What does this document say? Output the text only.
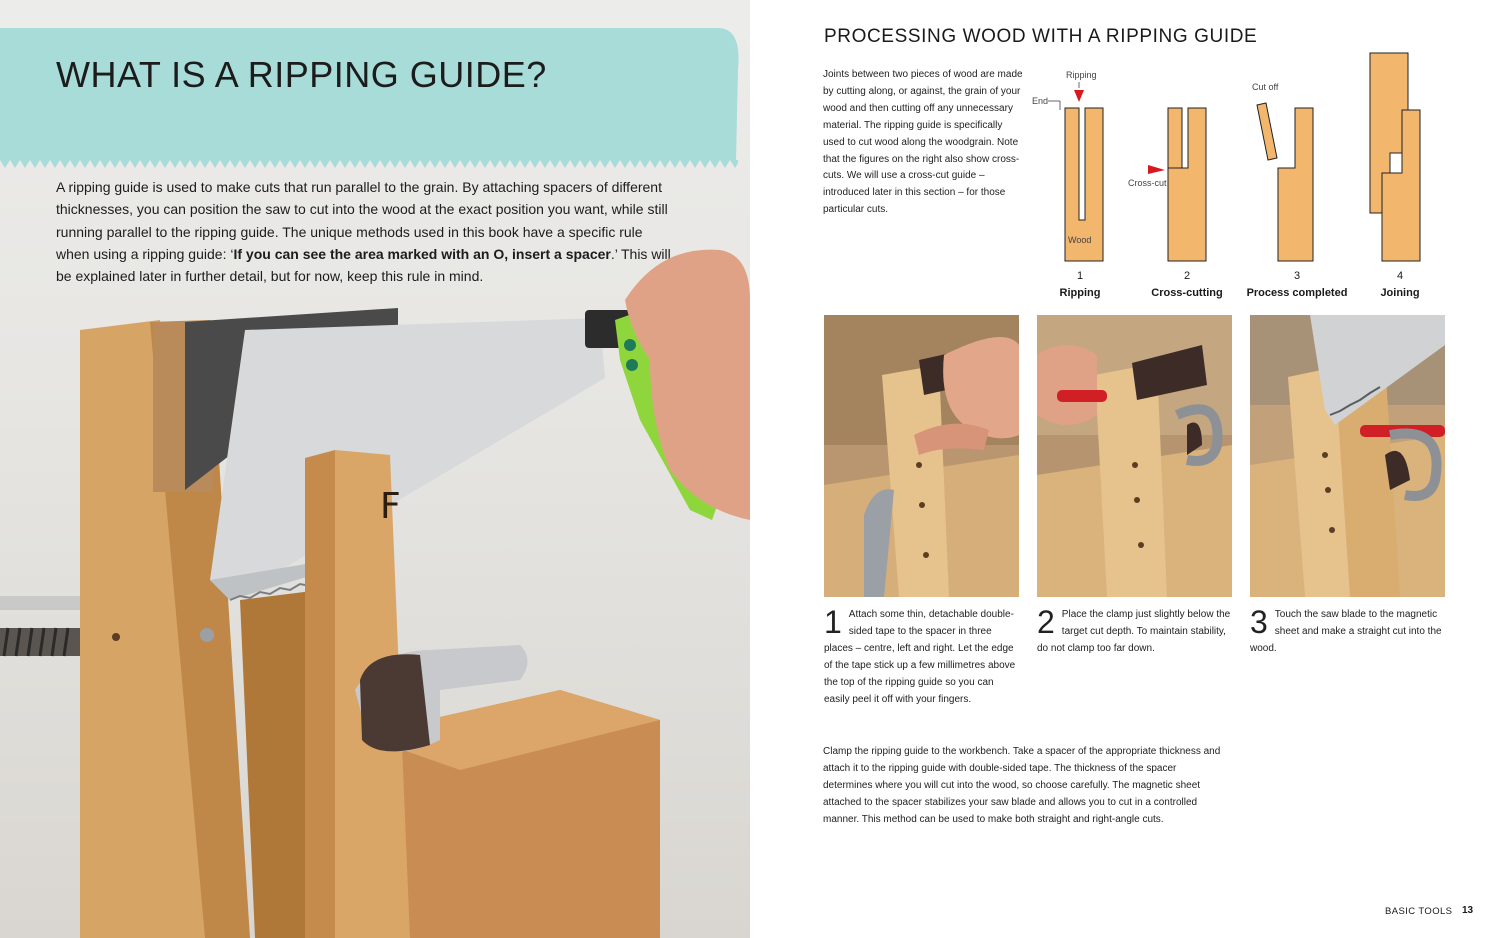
WHAT IS A RIPPING GUIDE?

A ripping guide is used to make cuts that run parallel to the grain. By attaching spacers of different thicknesses, you can position the saw to cut into the wood at the exact position you want, while still running parallel to the ripping guide. The unique methods used in this book have a specific rule when using a ripping guide: ‘If you can see the area marked with an O, insert a spacer.’ This will be explained later in further detail, but for now, keep this rule in mind.

F
PROCESSING WOOD WITH A RIPPING GUIDE

Joints between two pieces of wood are made by cutting along, or against, the grain of your wood and then cutting off any unnecessary material. The ripping guide is specifically used to cut wood along the woodgrain. Note that the figures on the right also show cross-cuts. We will use a cross-cut guide – introduced later in this section – for those particular cuts.

Ripping
End
Wood
Cross-cut
Cut off
1	2	3	4
Ripping	Cross-cutting	Process completed	Joining
1 Attach some thin, detachable double-sided tape to the spacer in three places – centre, left and right. Let the edge of the tape stick up a few millimetres above the top of the ripping guide so you can easily peel it off with your fingers.
2 Place the clamp just slightly below the target cut depth. To maintain stability, do not clamp too far down.
3 Touch the saw blade to the magnetic sheet and make a straight cut into the wood.

Clamp the ripping guide to the workbench. Take a spacer of the appropriate thickness and attach it to the ripping guide with double-sided tape. The thickness of the spacer determines where you will cut into the wood, so choose carefully. The magnetic sheet attached to the spacer stabilizes your saw blade and allows you to cut in a controlled manner. This method can be used to make both straight and right-angle cuts.

BASIC TOOLS 13
